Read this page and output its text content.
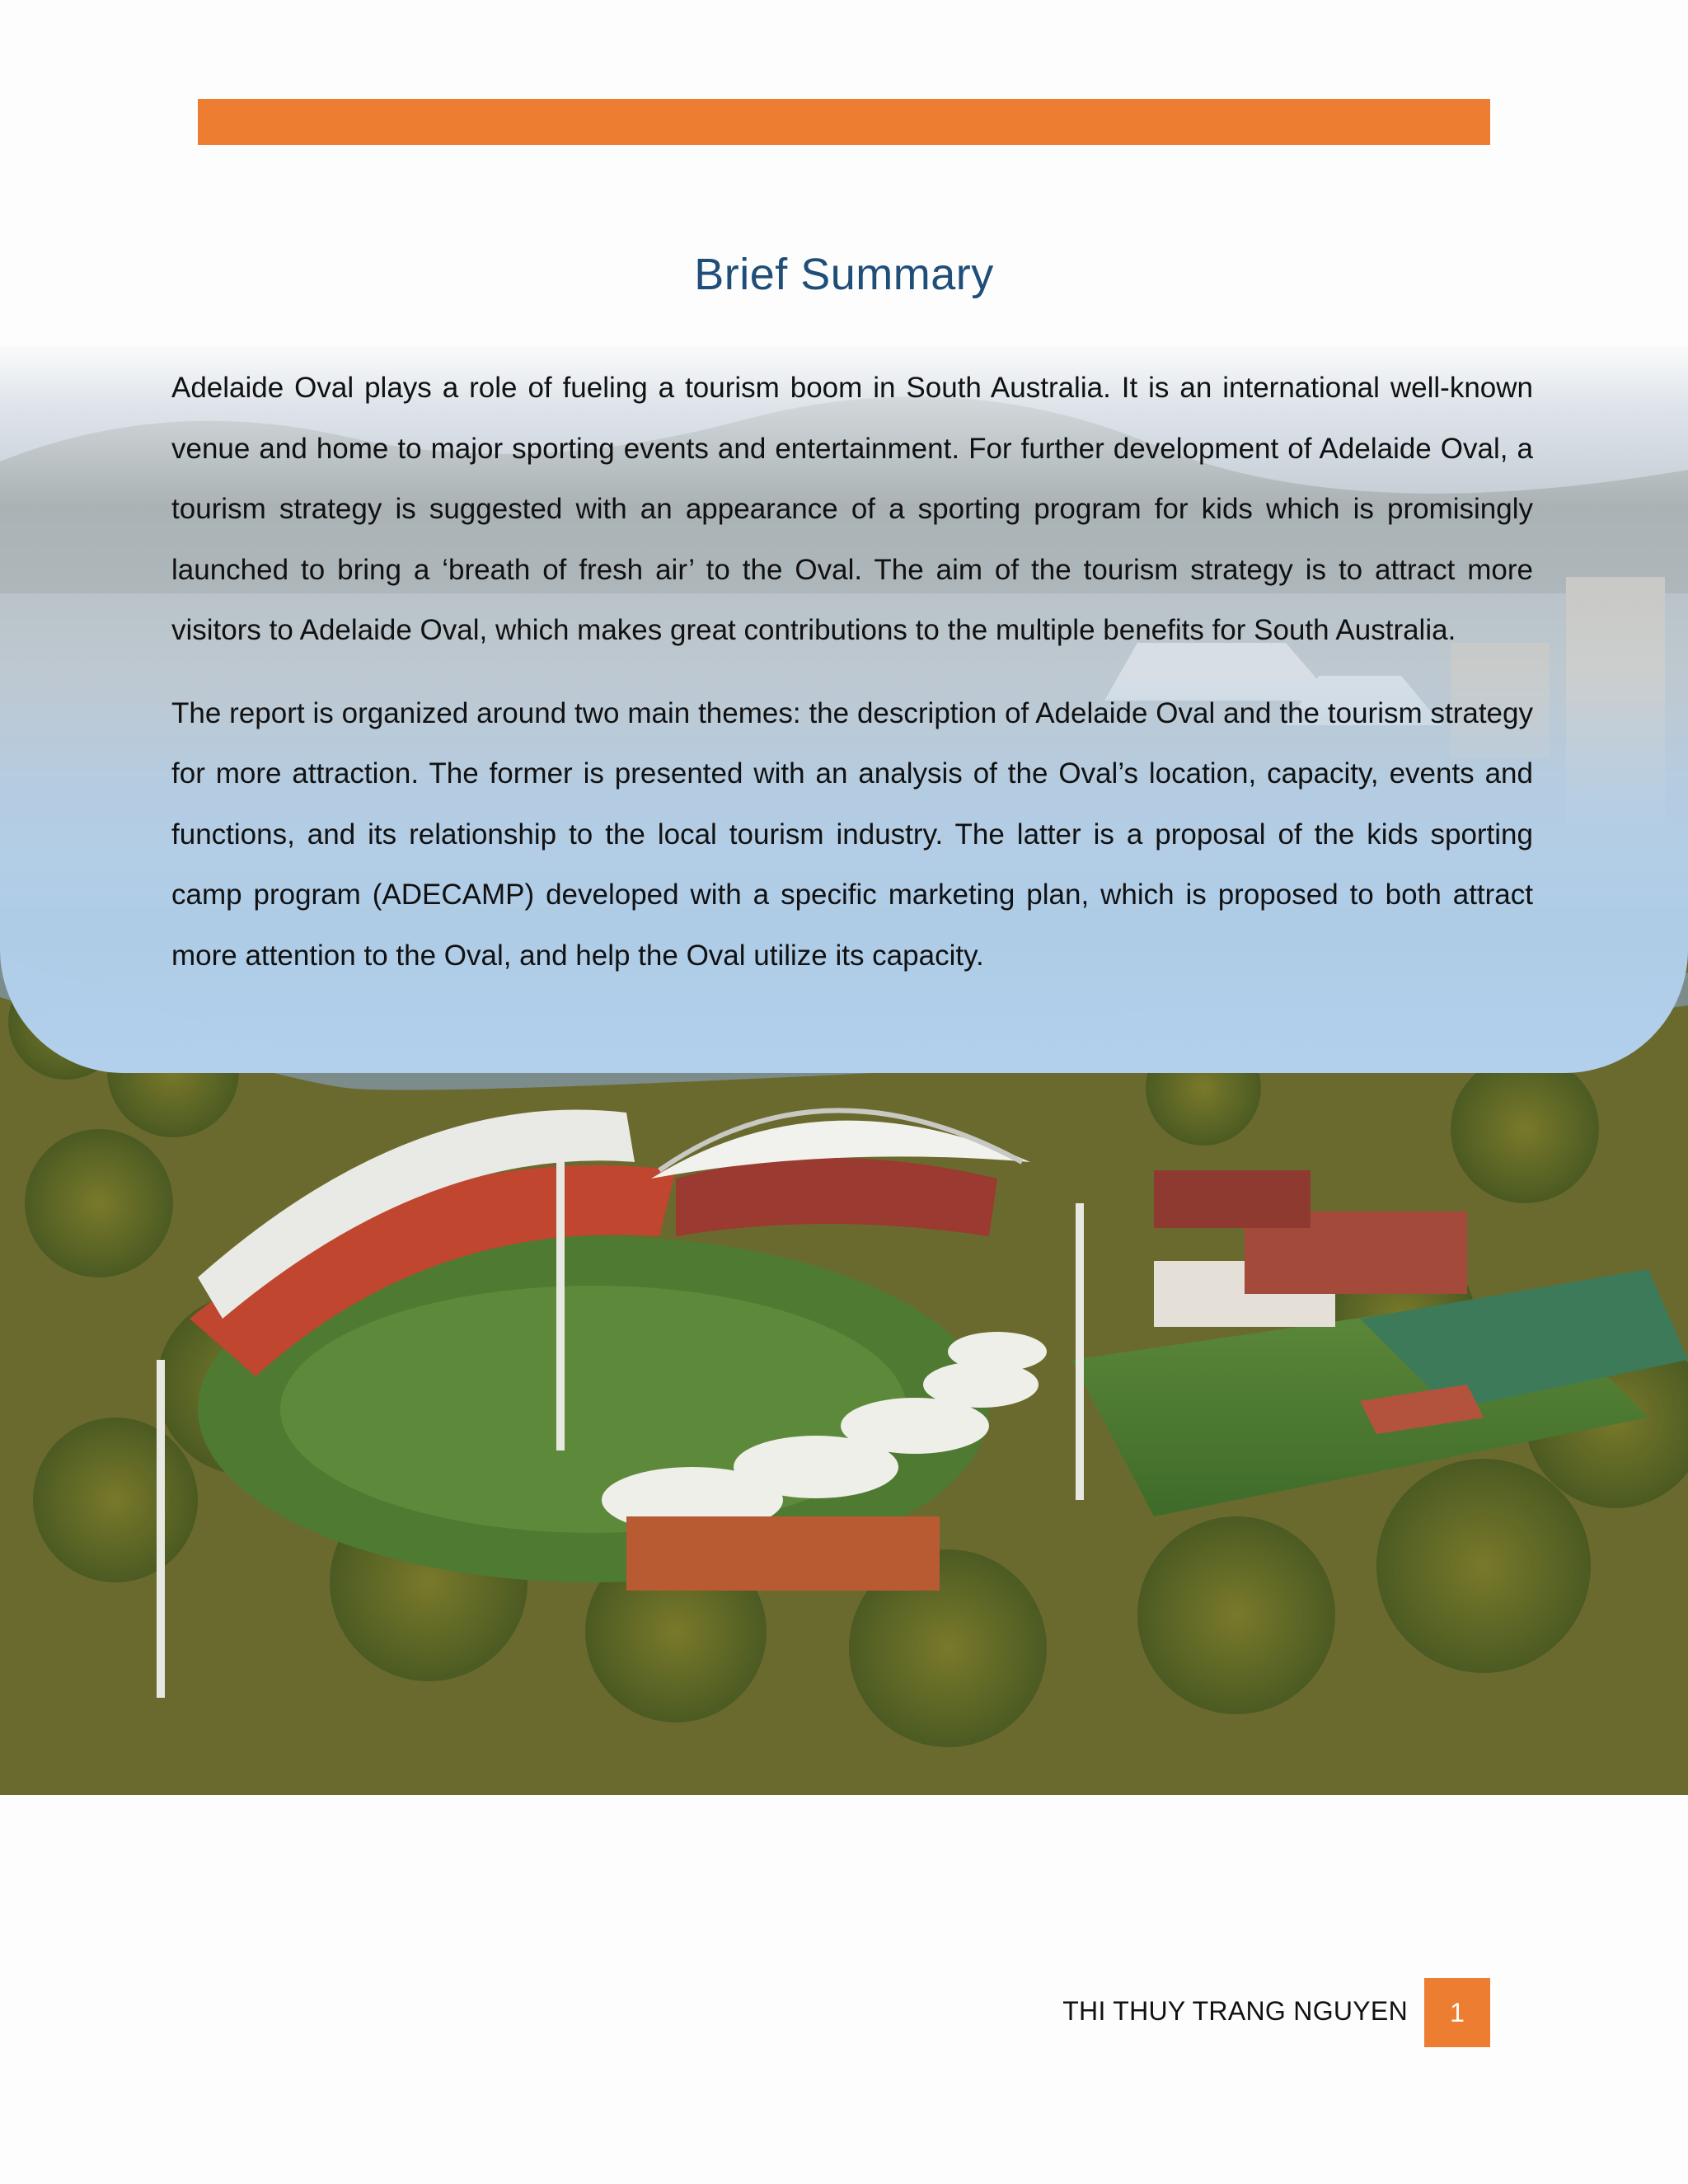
Brief Summary

Adelaide Oval plays a role of fueling a tourism boom in South Australia. It is an international well-known venue and home to major sporting events and entertainment. For further development of Adelaide Oval, a tourism strategy is suggested with an appearance of a sporting program for kids which is promisingly launched to bring a ‘breath of fresh air’ to the Oval. The aim of the tourism strategy is to attract more visitors to Adelaide Oval, which makes great contributions to the multiple benefits for South Australia.

The report is organized around two main themes: the description of Adelaide Oval and the tourism strategy for more attraction. The former is presented with an analysis of the Oval’s location, capacity, events and functions, and its relationship to the local tourism industry. The latter is a proposal of the kids sporting camp program (ADECAMP) developed with a specific marketing plan, which is proposed to both attract more attention to the Oval, and help the Oval utilize its capacity.

THI THUY TRANG NGUYEN	1
